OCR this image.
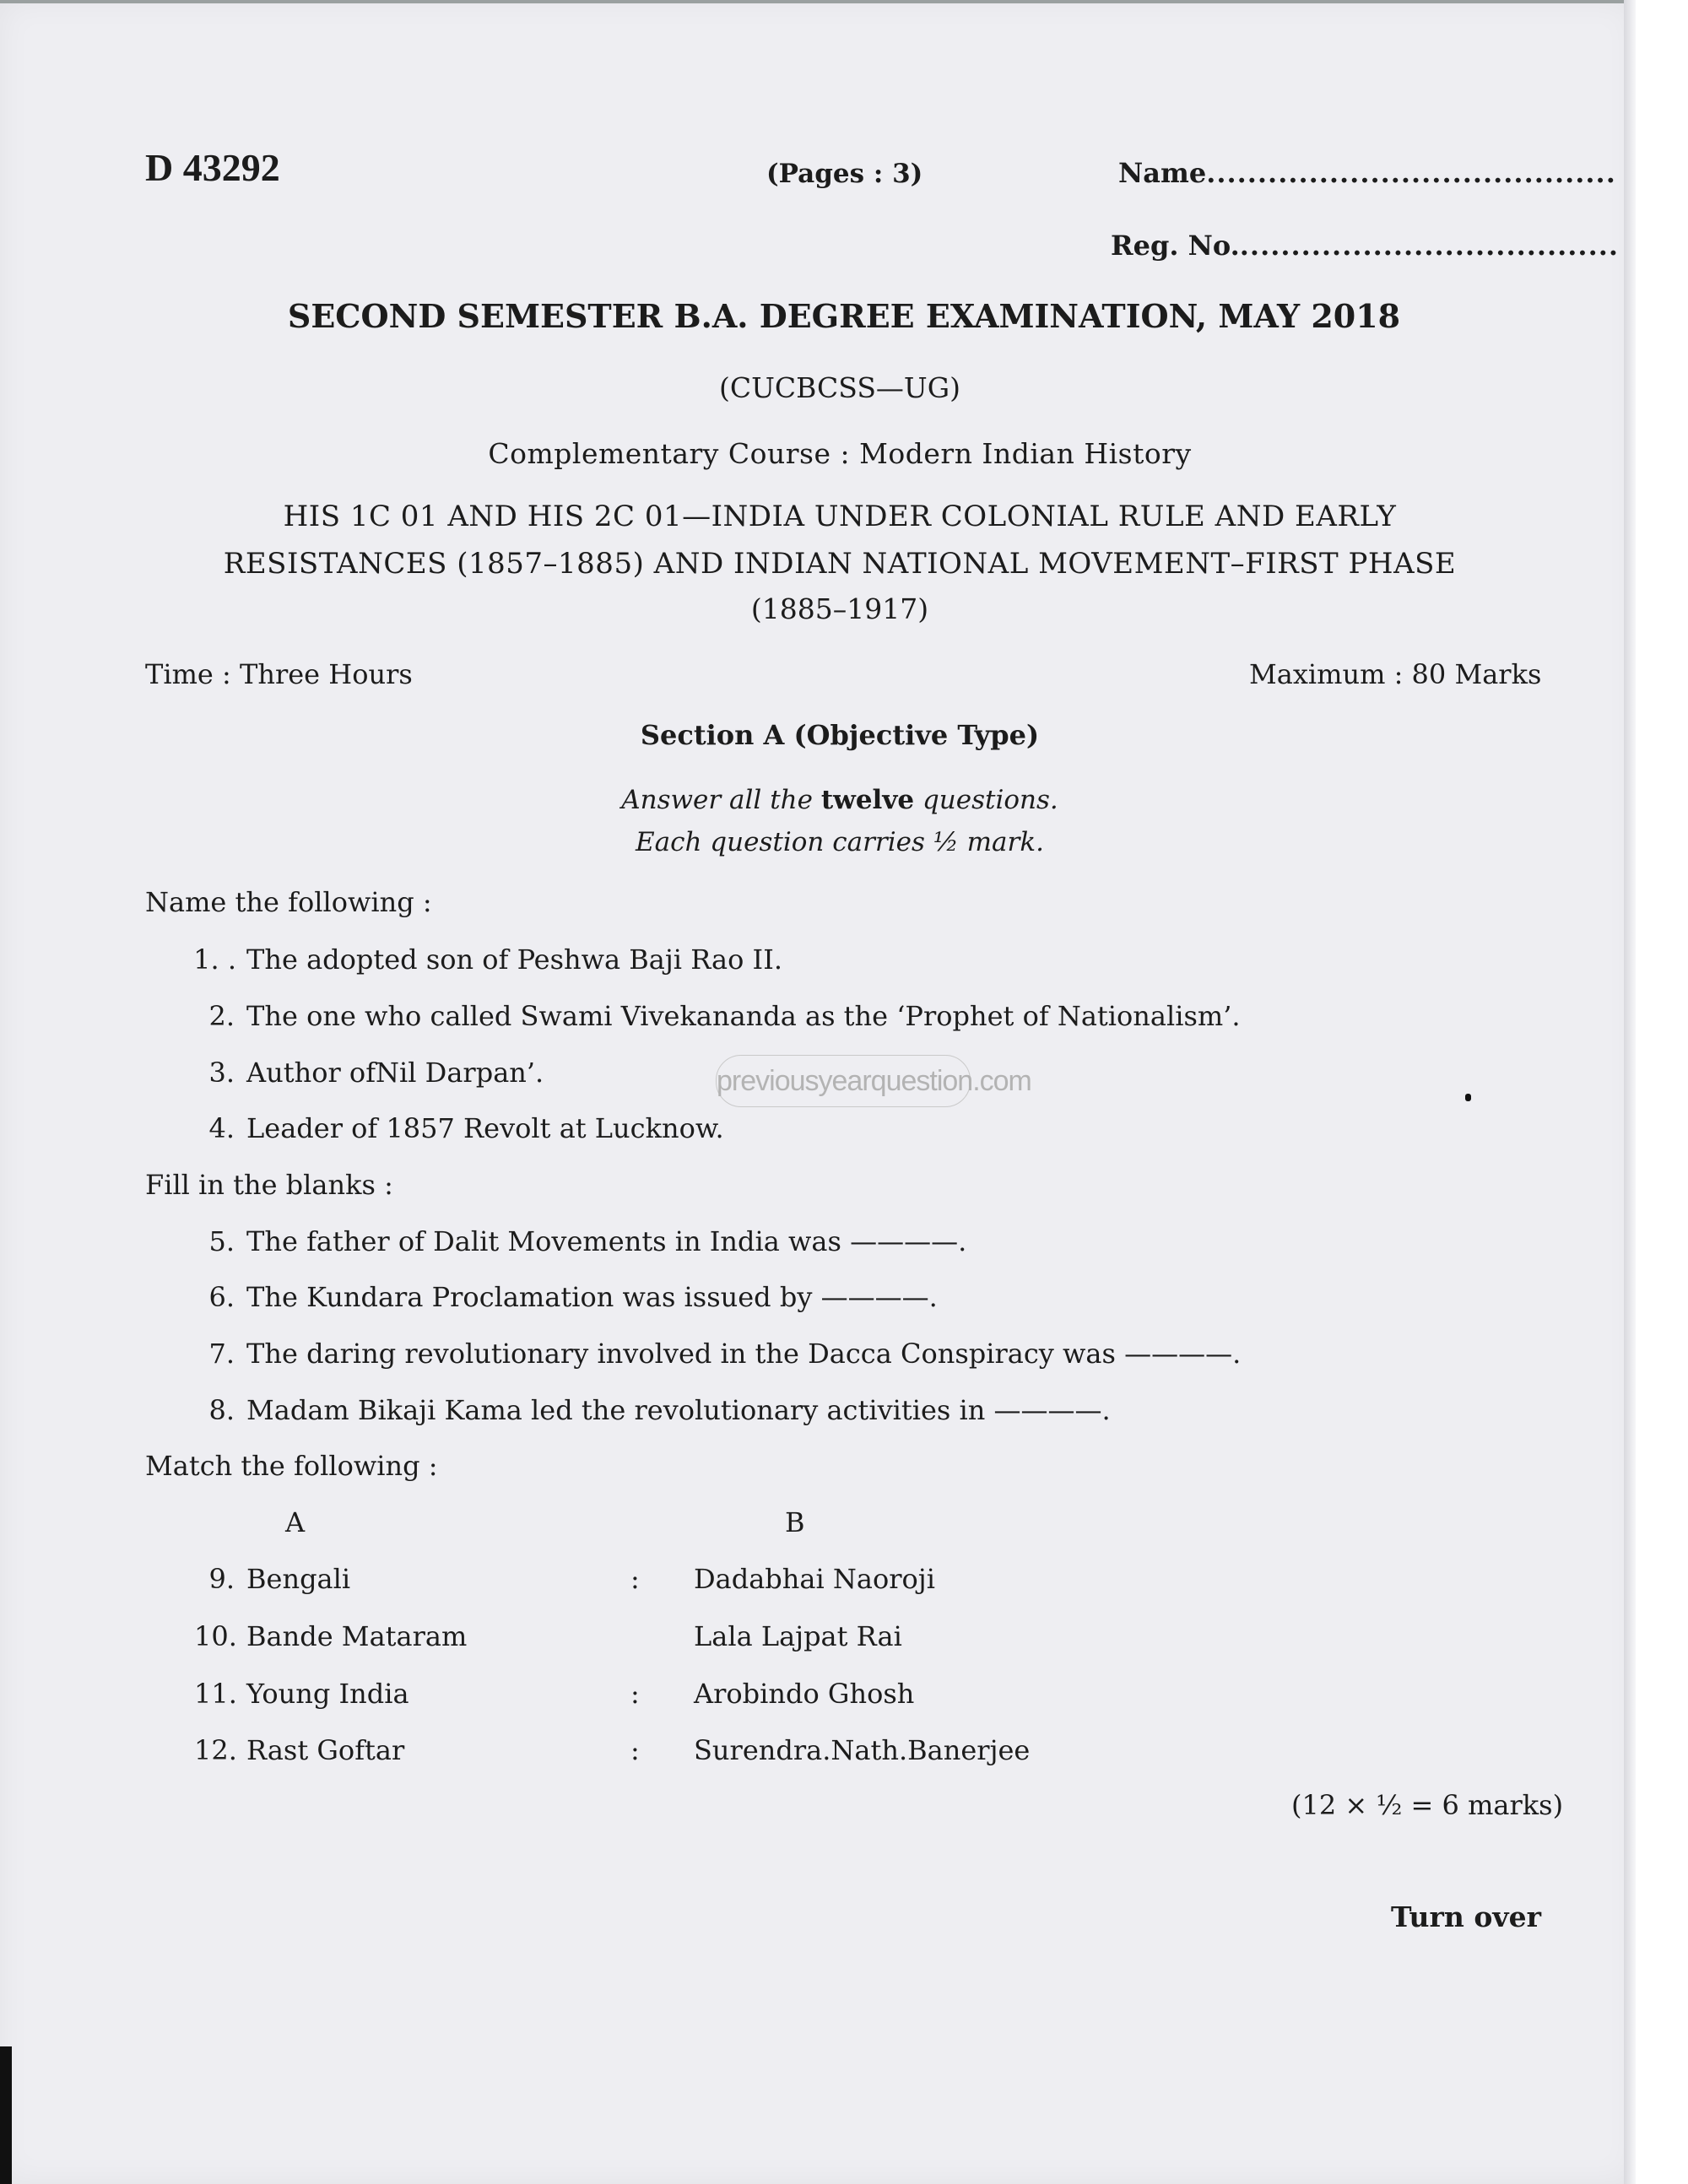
D 43292	(Pages : 3)	Name........................................
Reg. No......................................
SECOND SEMESTER B.A. DEGREE EXAMINATION, MAY 2018
(CUCBCSS—UG)
Complementary Course : Modern Indian History
HIS 1C 01 AND HIS 2C 01—INDIA UNDER COLONIAL RULE AND EARLY
RESISTANCES (1857–1885) AND INDIAN NATIONAL MOVEMENT–FIRST PHASE
(1885–1917)
Time : Three Hours	Maximum : 80 Marks
Section A (Objective Type)
Answer all the twelve questions.
Each question carries ½ mark.
Name the following :
1. . The adopted son of Peshwa Baji Rao II.
2. The one who called Swami Vivekananda as the ‘Prophet of Nationalism’.
3. Author ofNil Darpan’.
4. Leader of 1857 Revolt at Lucknow.
previousyearquestion.com
Fill in the blanks :
5. The father of Dalit Movements in India was ————.
6. The Kundara Proclamation was issued by ————.
7. The daring revolutionary involved in the Dacca Conspiracy was ————.
8. Madam Bikaji Kama led the revolutionary activities in ————.
Match the following :
A	B
9. Bengali	: Dadabhai Naoroji
10. Bande Mataram	Lala Lajpat Rai
11. Young India	: Arobindo Ghosh
12. Rast Goftar	: Surendra.Nath.Banerjee
(12 × ½ = 6 marks)
Turn over
